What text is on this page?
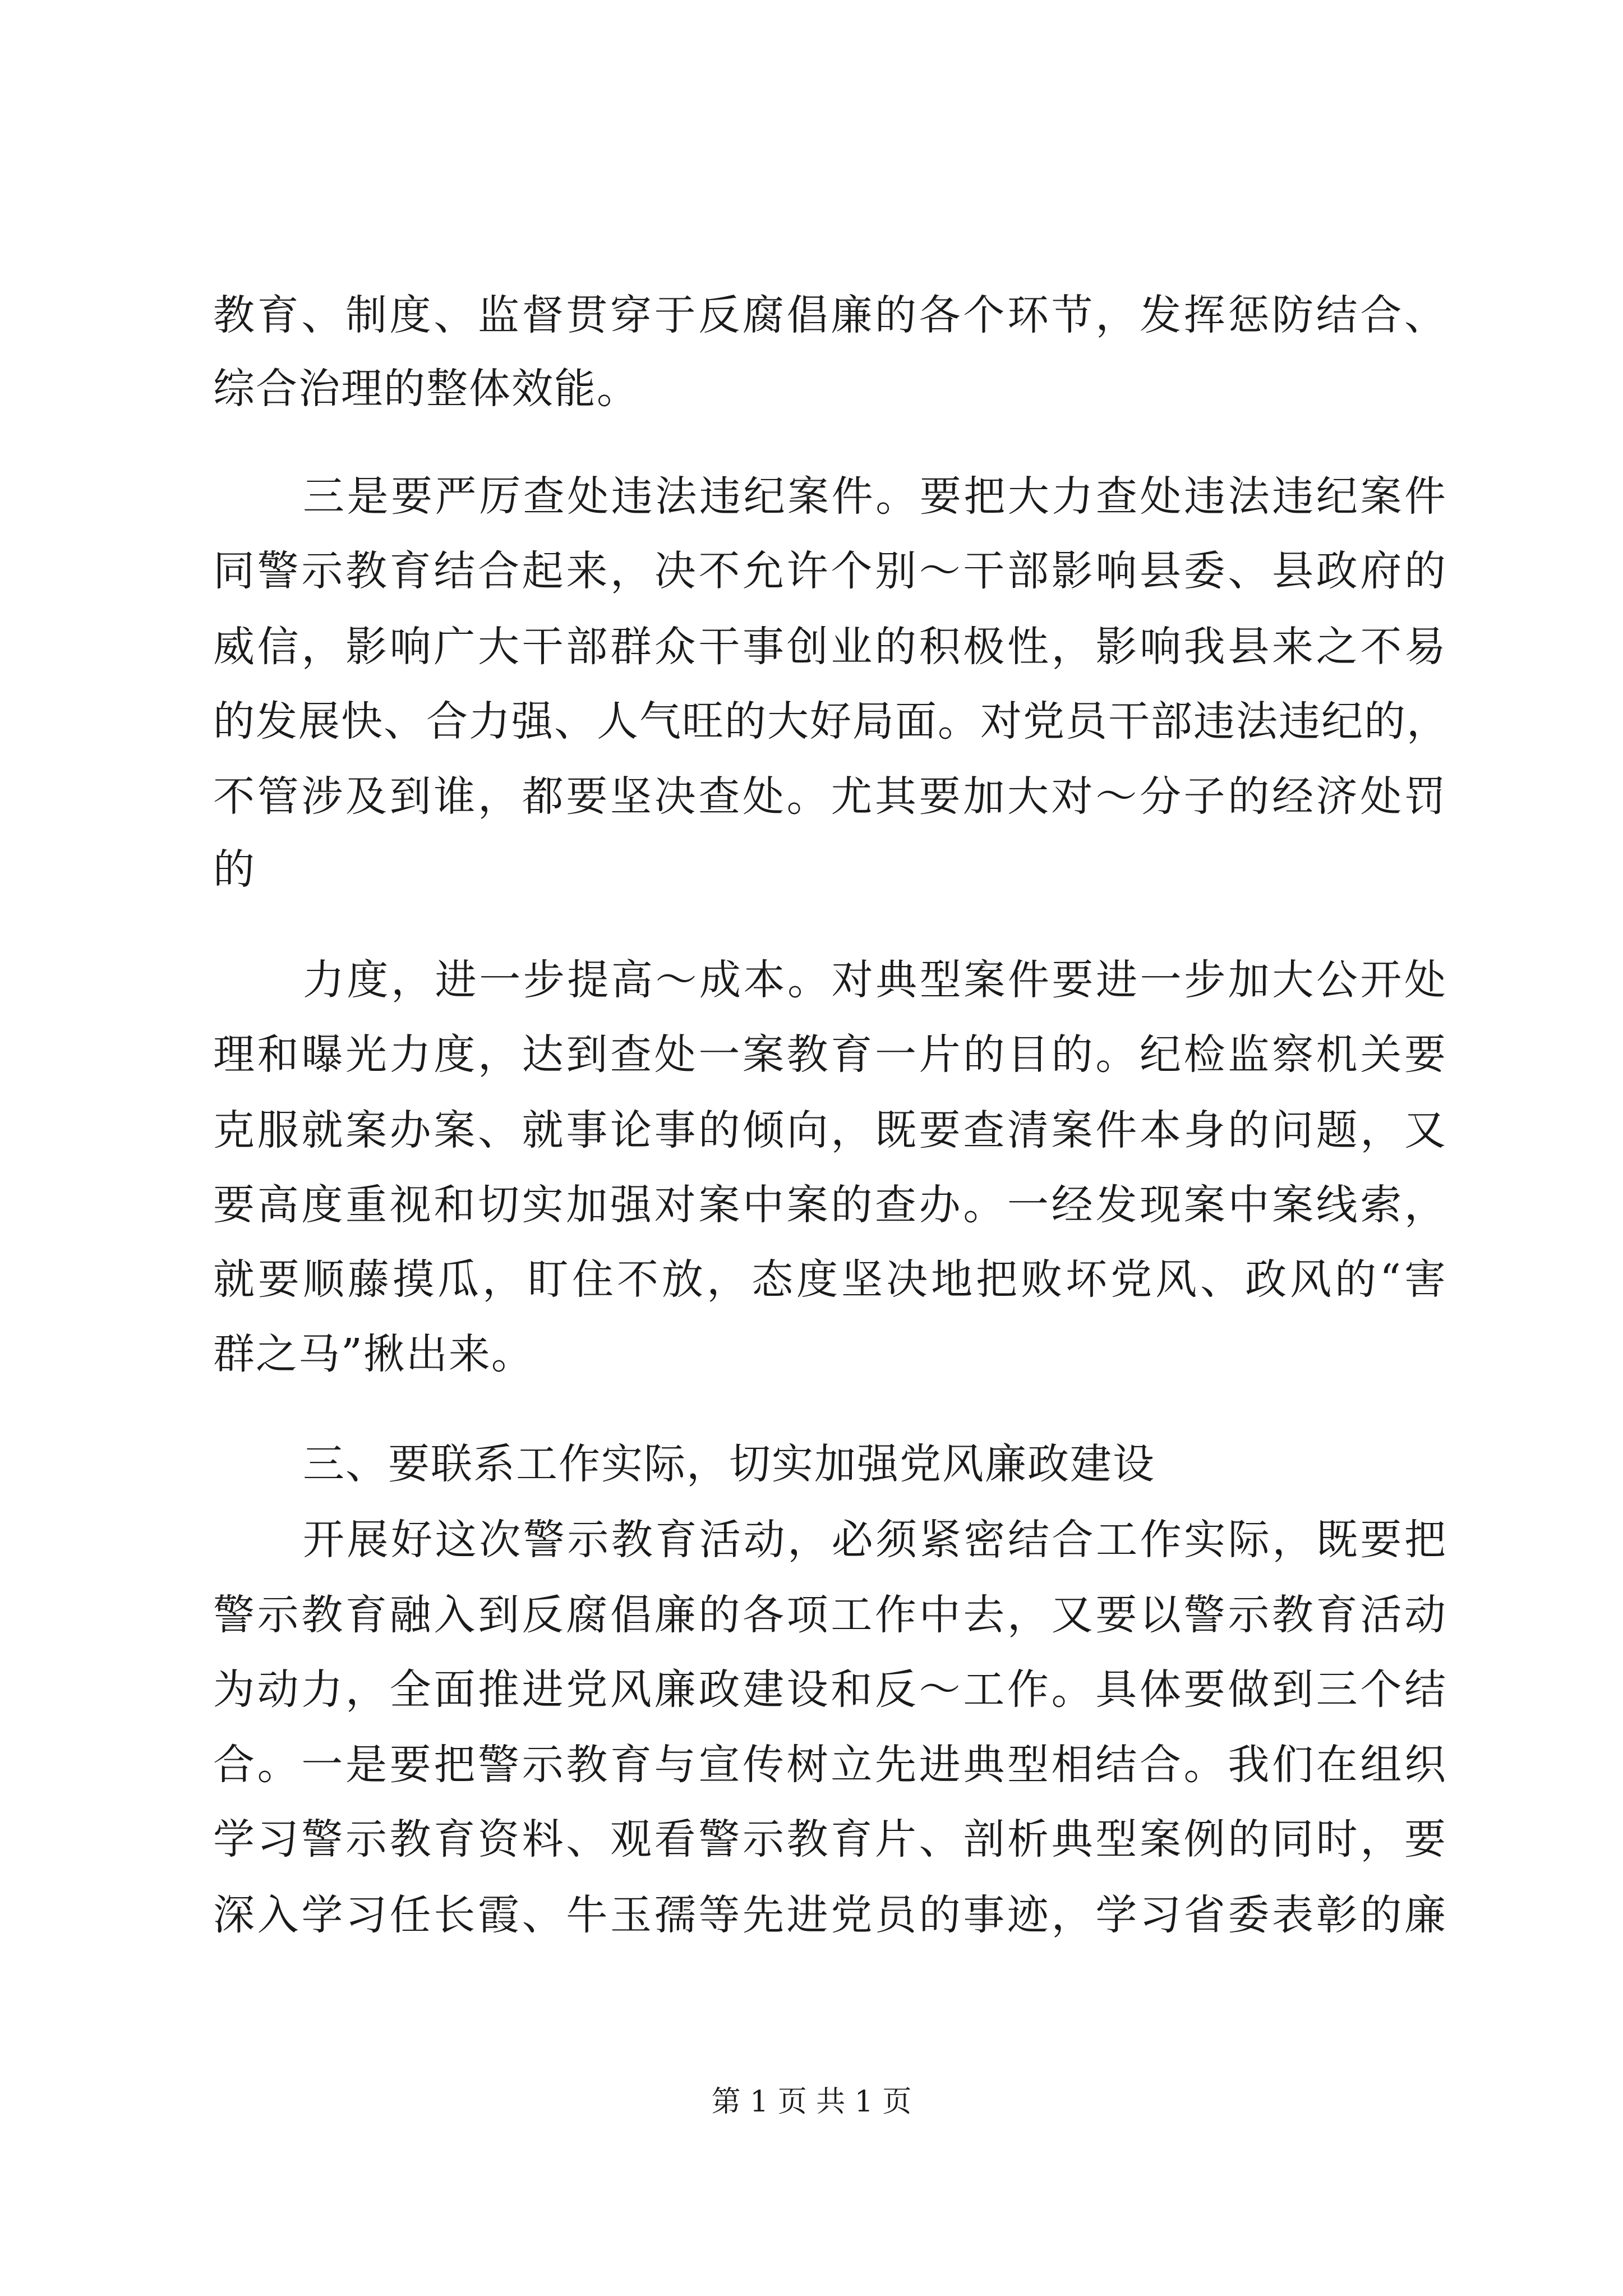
教育、制度、监督贯穿于反腐倡廉的各个环节，发挥惩防结合、
综合治理的整体效能。
三是要严厉查处违法违纪案件。要把大力查处违法违纪案件
同警示教育结合起来，决不允许个别～干部影响县委、县政府的
威信，影响广大干部群众干事创业的积极性，影响我县来之不易
的发展快、合力强、人气旺的大好局面。对党员干部违法违纪的，
不管涉及到谁，都要坚决查处。尤其要加大对～分子的经济处罚
的
力度，进一步提高～成本。对典型案件要进一步加大公开处
理和曝光力度，达到查处一案教育一片的目的。纪检监察机关要
克服就案办案、就事论事的倾向，既要查清案件本身的问题，又
要高度重视和切实加强对案中案的查办。一经发现案中案线索，
就要顺藤摸瓜，盯住不放，态度坚决地把败坏党风、政风的“害
群之马”揪出来。
三、要联系工作实际，切实加强党风廉政建设
开展好这次警示教育活动，必须紧密结合工作实际，既要把
警示教育融入到反腐倡廉的各项工作中去，又要以警示教育活动
为动力，全面推进党风廉政建设和反～工作。具体要做到三个结
合。一是要把警示教育与宣传树立先进典型相结合。我们在组织
学习警示教育资料、观看警示教育片、剖析典型案例的同时，要
深入学习任长霞、牛玉孺等先进党员的事迹，学习省委表彰的廉
第 1 页 共 1 页
